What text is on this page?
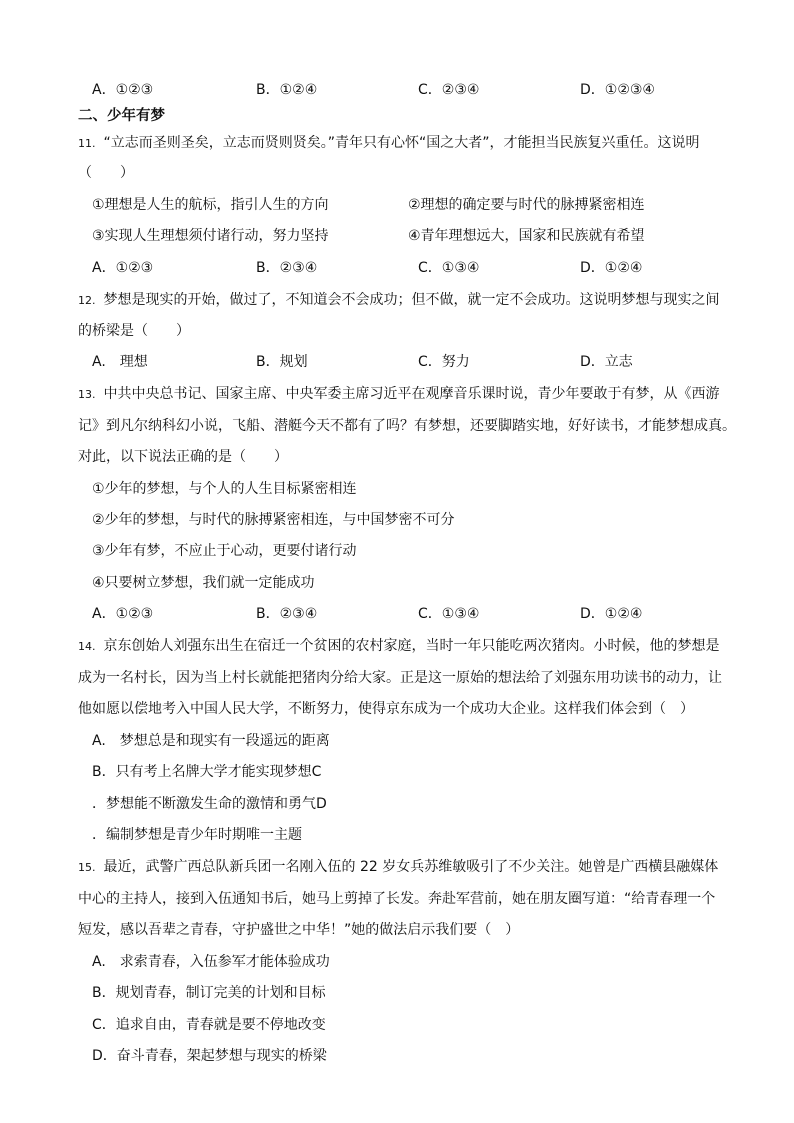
A．①②③	B．①②④	C．②③④	D．①②③④
二、少年有梦
11. “立志而圣则圣矣，立志而贤则贤矣。”青年只有心怀“国之大者”，才能担当民族复兴重任。这说明
（　　）
①理想是人生的航标，指引人生的方向	②理想的确定要与时代的脉搏紧密相连
③实现人生理想须付诸行动，努力坚持	④青年理想远大，国家和民族就有希望
A．①②③	B．②③④	C．①③④	D．①②④
12. 梦想是现实的开始，做过了，不知道会不会成功；但不做，就一定不会成功。这说明梦想与现实之间
的桥梁是（　　）
A.　理想	B．规划	C．努力	D．立志
13. 中共中央总书记、国家主席、中央军委主席习近平在观摩音乐课时说，青少年要敢于有梦，从《西游
记》到凡尔纳科幻小说，飞船、潜艇今天不都有了吗？有梦想，还要脚踏实地，好好读书，才能梦想成真。
对此，以下说法正确的是（　　）
①少年的梦想，与个人的人生目标紧密相连
②少年的梦想，与时代的脉搏紧密相连，与中国梦密不可分
③少年有梦，不应止于心动，更要付诸行动
④只要树立梦想，我们就一定能成功
A．①②③	B．②③④	C．①③④	D．①②④
14. 京东创始人刘强东出生在宿迁一个贫困的农村家庭，当时一年只能吃两次猪肉。小时候，他的梦想是
成为一名村长，因为当上村长就能把猪肉分给大家。正是这一原始的想法给了刘强东用功读书的动力，让
他如愿以偿地考入中国人民大学，不断努力，使得京东成为一个成功大企业。这样我们体会到（　）
A.　梦想总是和现实有一段遥远的距离
B．只有考上名牌大学才能实现梦想C
．梦想能不断激发生命的激情和勇气D
．编制梦想是青少年时期唯一主题
15. 最近，武警广西总队新兵团一名刚入伍的 22 岁女兵苏维敏吸引了不少关注。她曾是广西横县融媒体
中心的主持人，接到入伍通知书后，她马上剪掉了长发。奔赴军营前，她在朋友圈写道：“给青春理一个
短发，感以吾辈之青春，守护盛世之中华！”她的做法启示我们要（　）
A.　求索青春，入伍参军才能体验成功
B．规划青春，制订完美的计划和目标
C．追求自由，青春就是要不停地改变
D．奋斗青春，架起梦想与现实的桥梁
